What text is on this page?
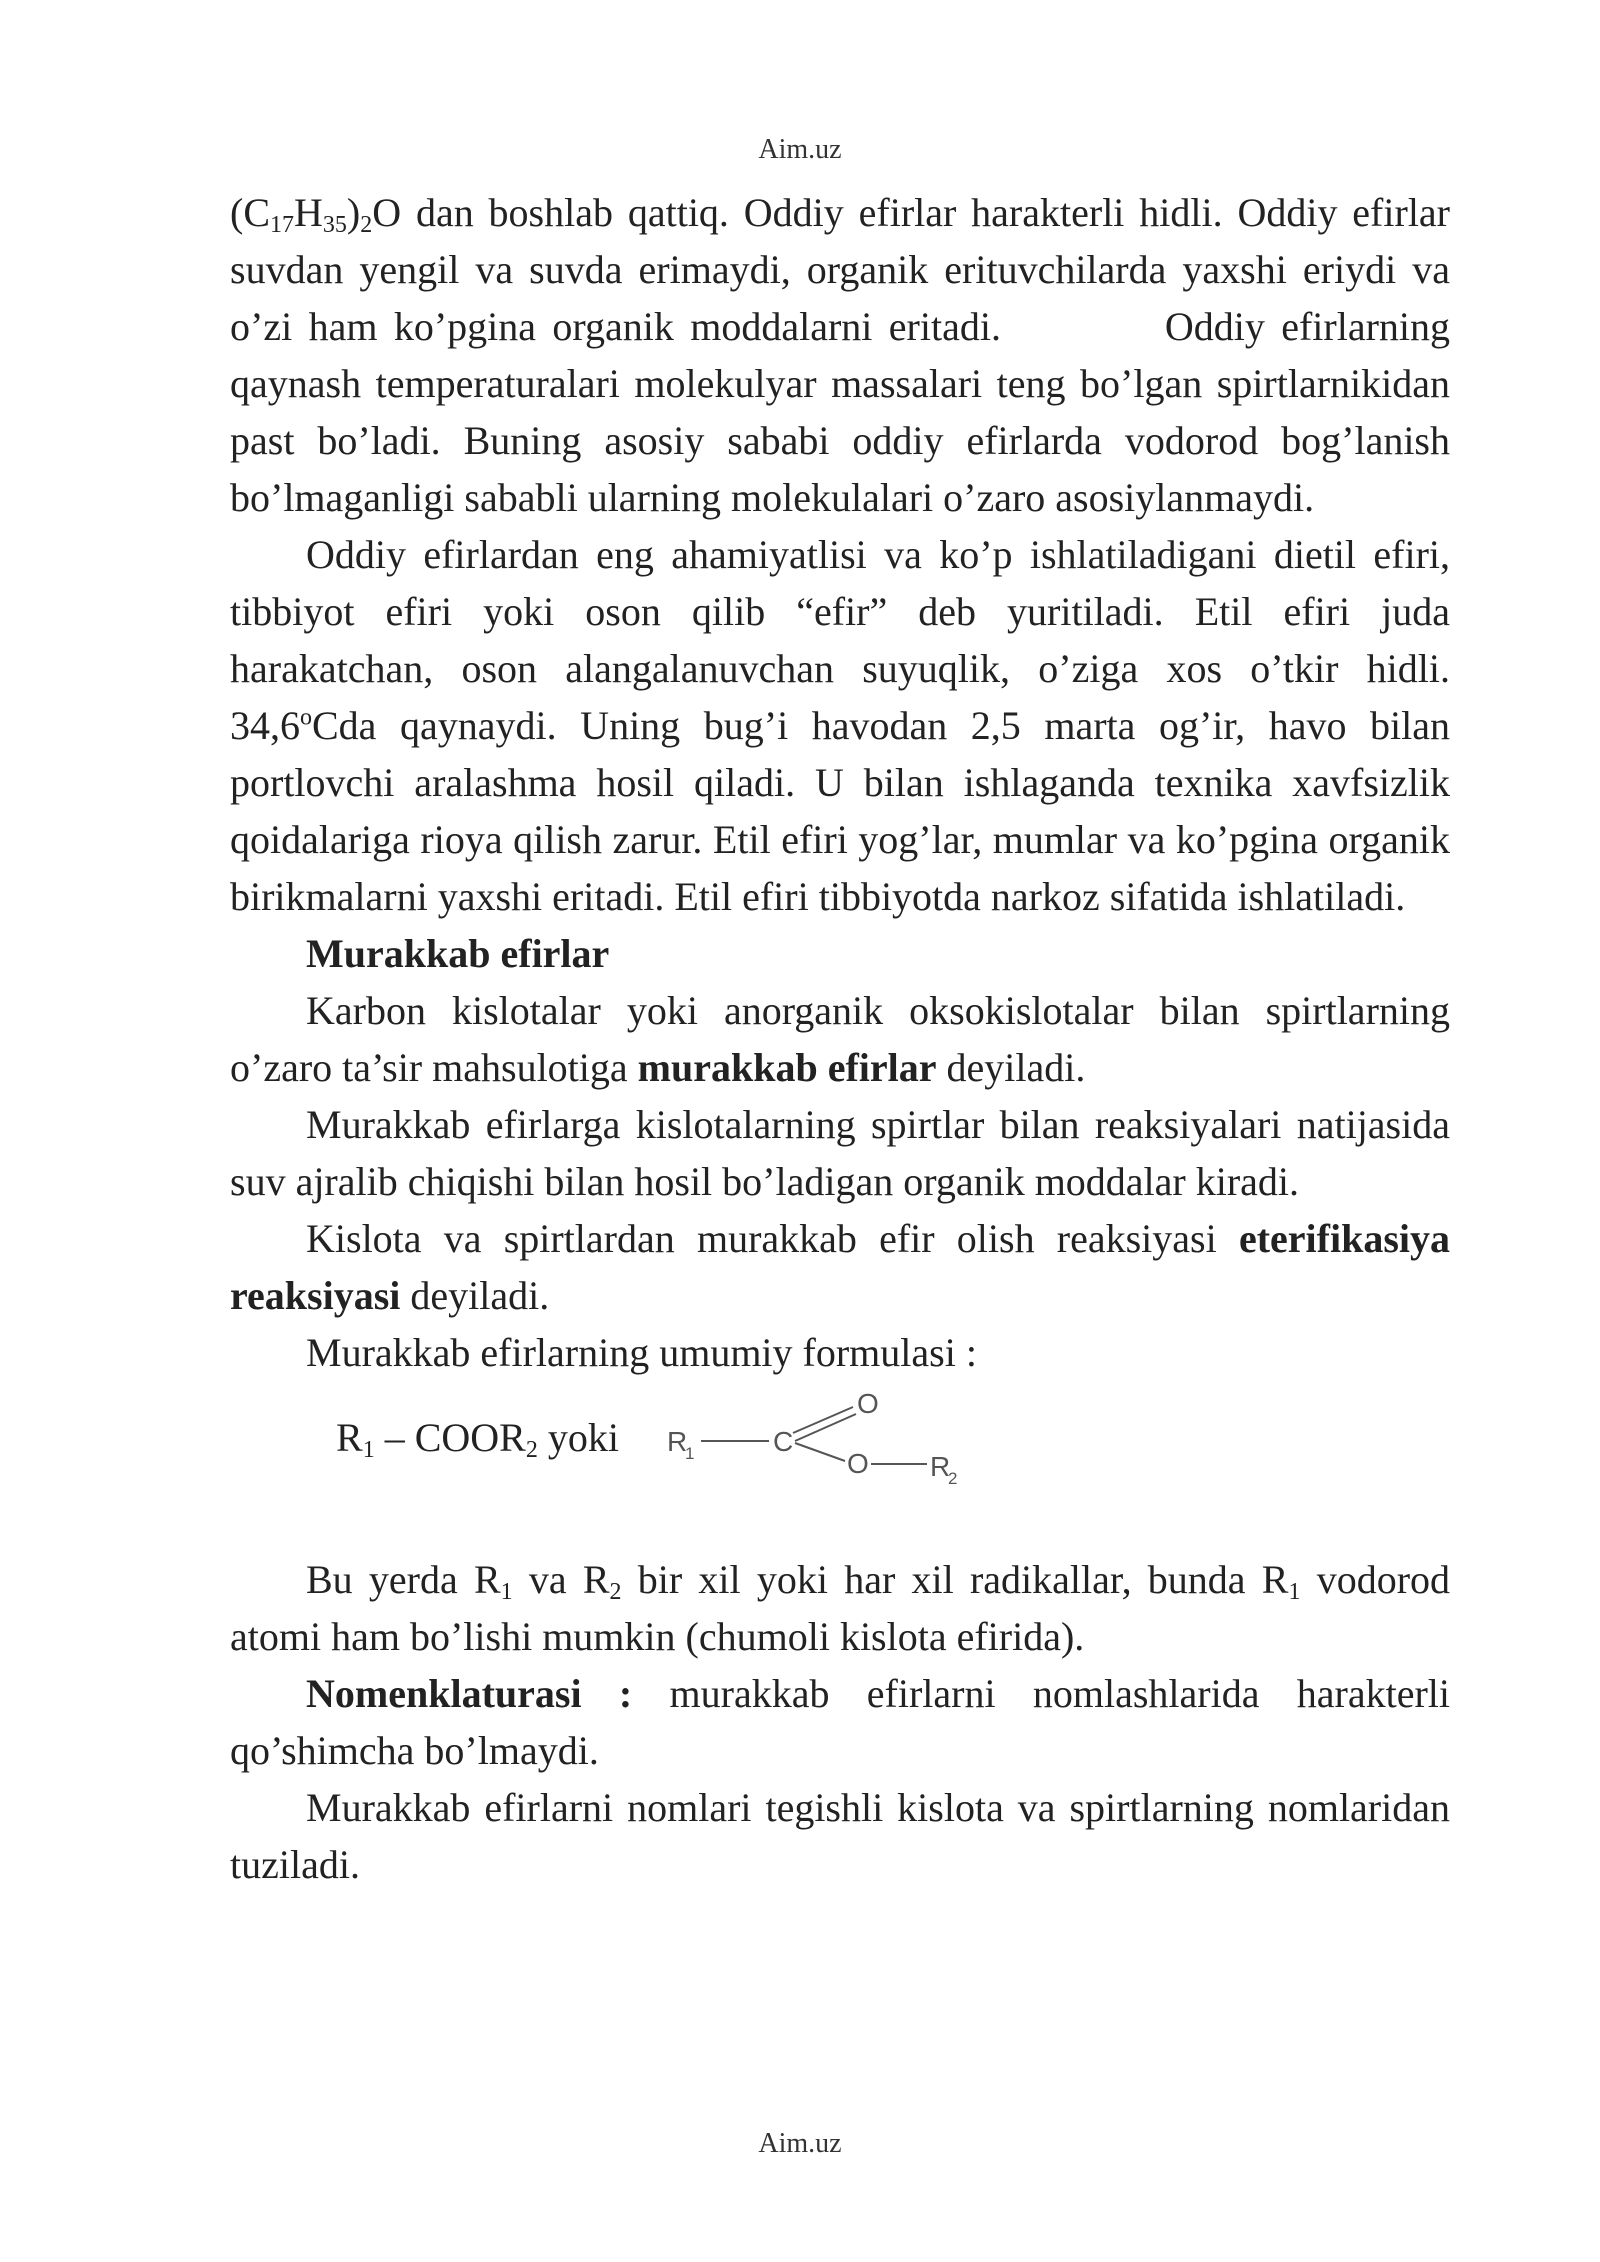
Aim.uz

$(C_{17}H_{35})_2O$ dan boshlab qattiq. Oddiy efirlar harakterli hidli. Oddiy efirlar suvdan yengil va suvda erimaydi, organik erituvchilarda yaxshi eriydi va o’zi ham ko’pgina organik moddalarni eritadi.	Oddiy efirlarning qaynash temperaturalari molekulyar massalari teng bo’lgan spirtlarnikidan past bo’ladi. Buning asosiy sababi oddiy efirlarda vodorod bog’lanish bo’lmaganligi sababli ularning molekulalari o’zaro asosiylanmaydi.

Oddiy efirlardan eng ahamiyatlisi va ko’p ishlatiladigani dietil efiri, tibbiyot efiri yoki oson qilib “efir” deb yuritiladi. Etil efiri juda harakatchan, oson alangalanuvchan suyuqlik, o’ziga xos o’tkir hidli. 34,6$^o$Cda qaynaydi. Uning bug’i havodan 2,5 marta og’ir, havo bilan portlovchi aralashma hosil qiladi. U bilan ishlaganda texnika xavfsizlik qoidalariga rioya qilish zarur. Etil efiri yog’lar, mumlar va ko’pgina organik birikmalarni yaxshi eritadi. Etil efiri tibbiyotda narkoz sifatida ishlatiladi.

Murakkab efirlar

Karbon kislotalar yoki anorganik oksokislotalar bilan spirtlarning o’zaro ta’sir mahsulotiga murakkab efirlar deyiladi.

Murakkab efirlarga kislotalarning spirtlar bilan reaksiyalari natijasida suv ajralib chiqishi bilan hosil bo’ladigan organik moddalar kiradi.

Kislota va spirtlardan murakkab efir olish reaksiyasi eterifikasiya reaksiyasi deyiladi.

Murakkab efirlarning umumiy formulasi :

$R_1$ – $COOR_2$ yoki R
1	C
O
O R
2

Bu yerda $R_1$ va $R_2$ bir xil yoki har xil radikallar, bunda $R_1$ vodorod atomi ham bo’lishi mumkin (chumoli kislota efirida).

Nomenklaturasi : murakkab efirlarni nomlashlarida harakterli qo’shimcha bo’lmaydi.

Murakkab efirlarni nomlari tegishli kislota va spirtlarning nomlaridan tuziladi.

Aim.uz
